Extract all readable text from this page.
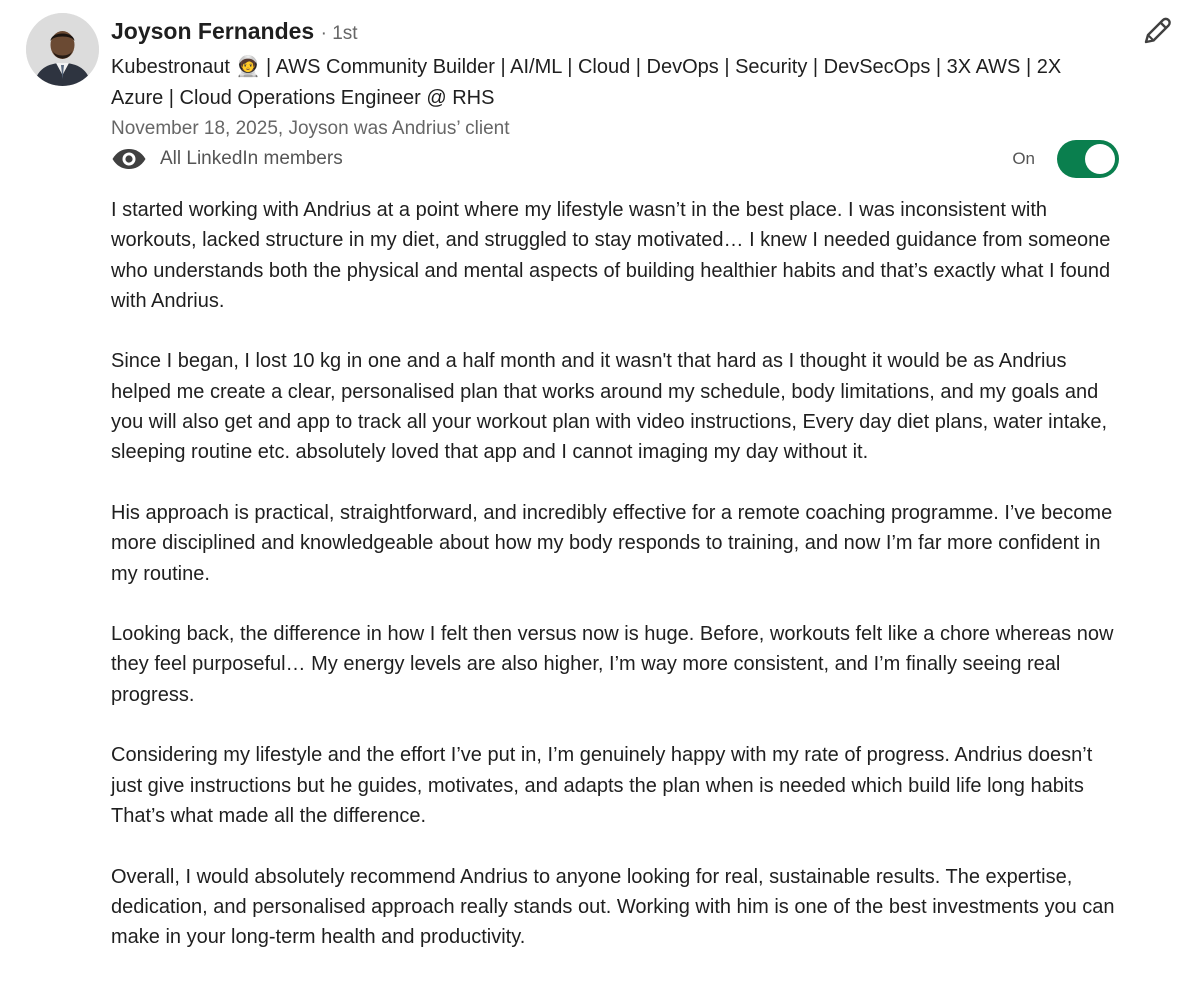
Joyson Fernandes · 1st
Kubestronaut 🧑‍🚀 | AWS Community Builder | AI/ML | Cloud | DevOps | Security | DevSecOps | 3X AWS | 2X Azure | Cloud Operations Engineer @ RHS
November 18, 2025, Joyson was Andrius’ client
All LinkedIn members	On

I started working with Andrius at a point where my lifestyle wasn’t in the best place. I was inconsistent with workouts, lacked structure in my diet, and struggled to stay motivated… I knew I needed guidance from someone who understands both the physical and mental aspects of building healthier habits and that’s exactly what I found with Andrius.

Since I began, I lost 10 kg in one and a half month and it wasn't that hard as I thought it would be as Andrius helped me create a clear, personalised plan that works around my schedule, body limitations, and my goals and you will also get and app to track all your workout plan with video instructions, Every day diet plans, water intake, sleeping routine etc. absolutely loved that app and I cannot imaging my day without it.

His approach is practical, straightforward, and incredibly effective for a remote coaching programme. I’ve become more disciplined and knowledgeable about how my body responds to training, and now I’m far more confident in my routine.

Looking back, the difference in how I felt then versus now is huge. Before, workouts felt like a chore whereas now they feel purposeful… My energy levels are also higher, I’m way more consistent, and I’m finally seeing real progress.

Considering my lifestyle and the effort I’ve put in, I’m genuinely happy with my rate of progress. Andrius doesn’t just give instructions but he guides, motivates, and adapts the plan when is needed which build life long habits That’s what made all the difference.

Overall, I would absolutely recommend Andrius to anyone looking for real, sustainable results. The expertise, dedication, and personalised approach really stands out. Working with him is one of the best investments you can make in your long-term health and productivity.
